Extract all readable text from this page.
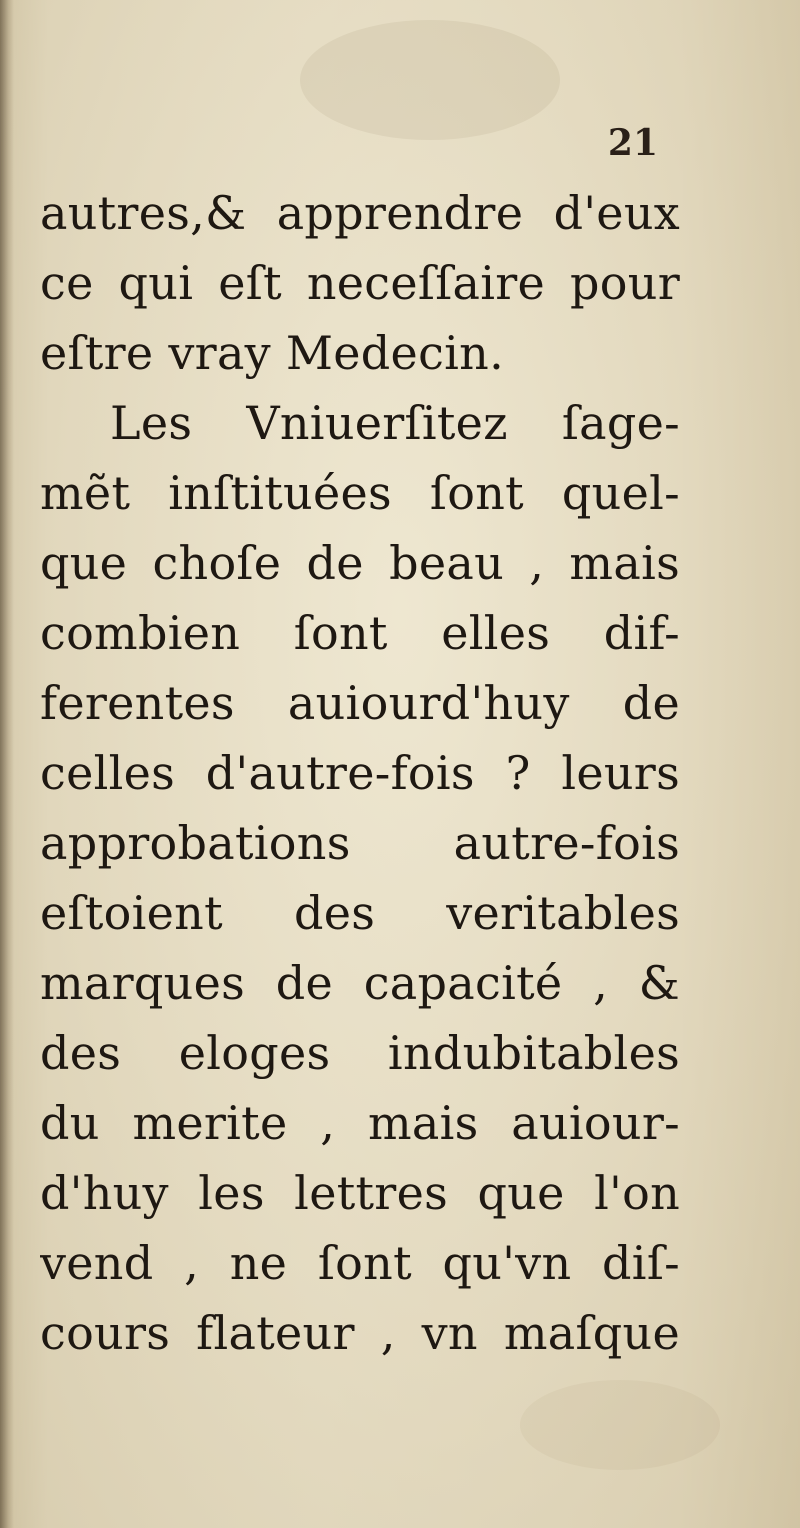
21

autres,& apprendre d'eux
ce qui eſt neceſſaire pour
eſtre vray Medecin.
Les Vniuerſitez ſage-
mẽt inſtituées ſont quel-
que choſe de beau , mais
combien ſont elles dif-
ferentes auiourd'huy de
celles d'autre-fois ? leurs
approbations autre-fois
eſtoient des veritables
marques de capacité , &
des eloges indubitables
du merite , mais auiour-
d'huy les lettres que l'on
vend , ne ſont qu'vn diſ-
cours flateur , vn maſque
